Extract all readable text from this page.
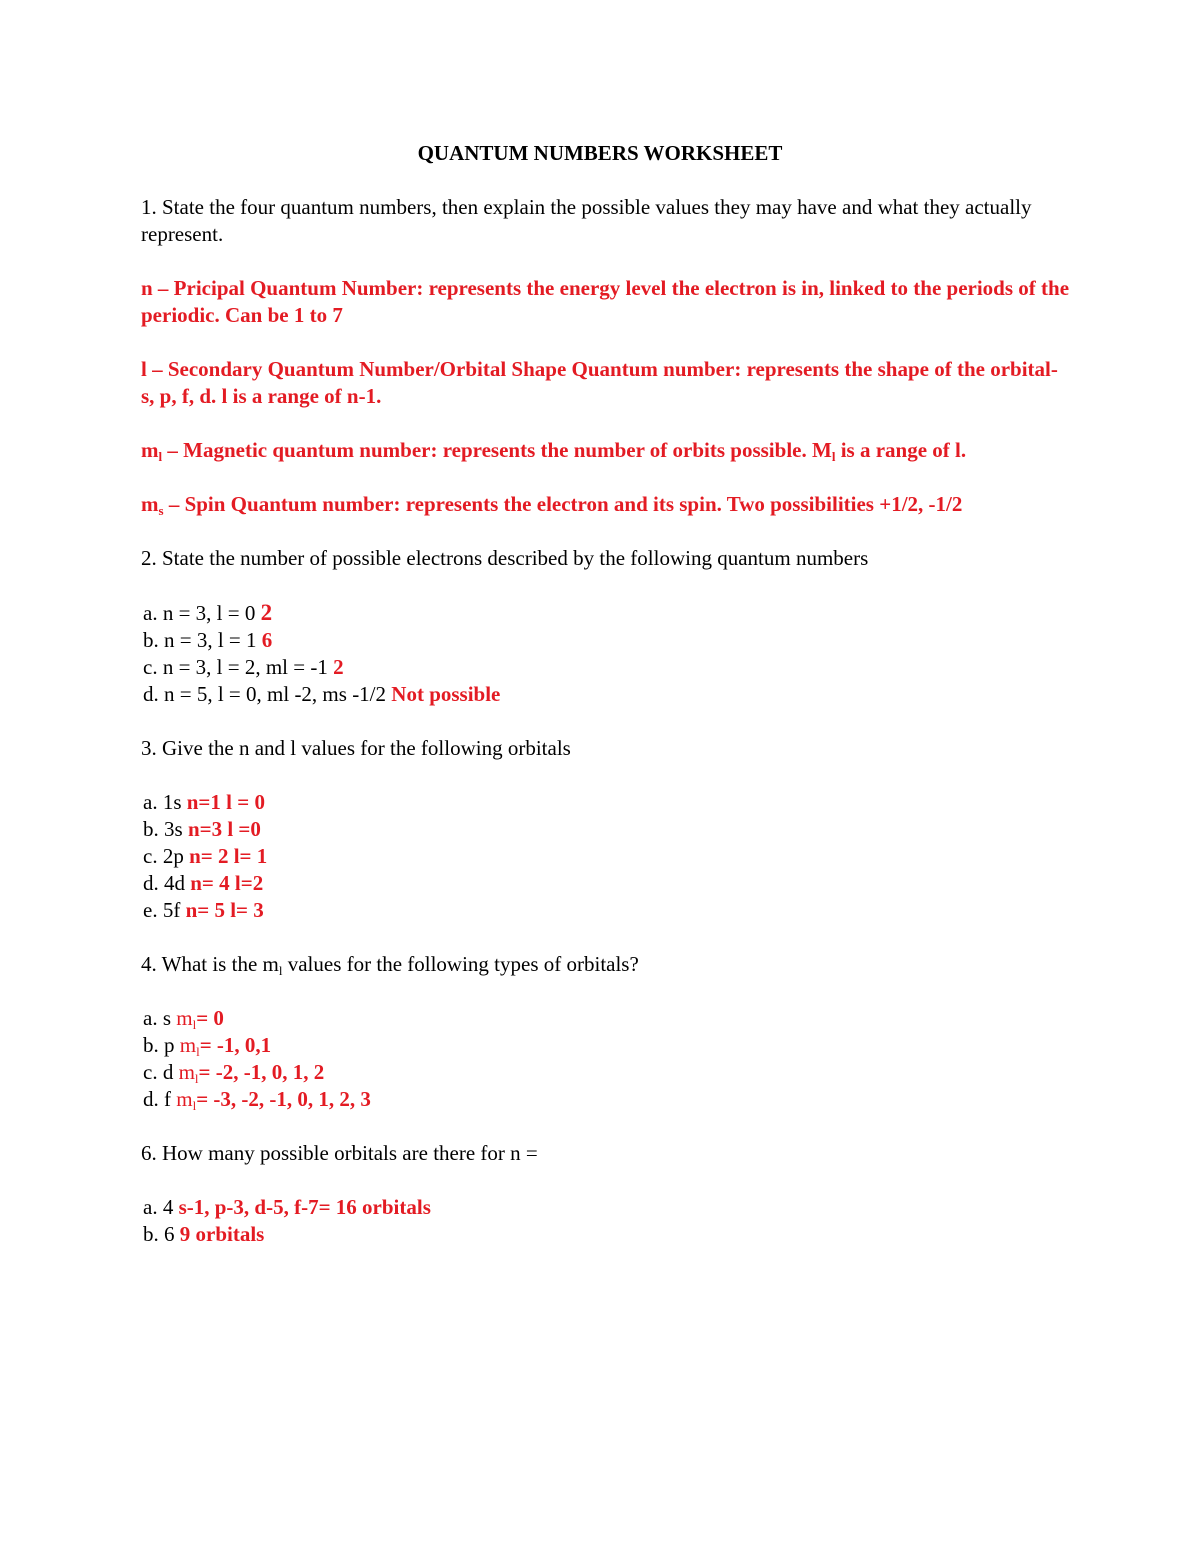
QUANTUM NUMBERS WORKSHEET

1. State the four quantum numbers, then explain the possible values they may have and what they actually represent.

n – Pricipal Quantum Number: represents the energy level the electron is in, linked to the periods of the periodic. Can be 1 to 7

l – Secondary Quantum Number/Orbital Shape Quantum number: represents the shape of the orbital- s, p, f, d. l is a range of n-1.

$m_l$ – Magnetic quantum number: represents the number of orbits possible. $M_l$ is a range of l.

$m_s$ – Spin Quantum number: represents the electron and its spin. Two possibilities +1/2, -1/2

2. State the number of possible electrons described by the following quantum numbers

a. n = 3, l = 0 2
b. n = 3, l = 1 6
c. n = 3, l = 2, ml = -1 2
d. n = 5, l = 0, ml -2, ms -1/2 Not possible

3. Give the n and l values for the following orbitals

a. 1s n=1 l = 0
b. 3s n=3 l =0
c. 2p n= 2 l= 1
d. 4d n= 4 l=2
e. 5f n= 5 l= 3

4. What is the $m_l$ values for the following types of orbitals?

a. s $m_l= 0$
b. p $m_l= -1$, 0,1
c. d $m_l= -2$, -1, 0, 1, 2
d. f $m_l= -3$, -2, -1, 0, 1, 2, 3

6. How many possible orbitals are there for n =

a. 4 s-1, p-3, d-5, f-7= 16 orbitals
b. 6 9 orbitals
